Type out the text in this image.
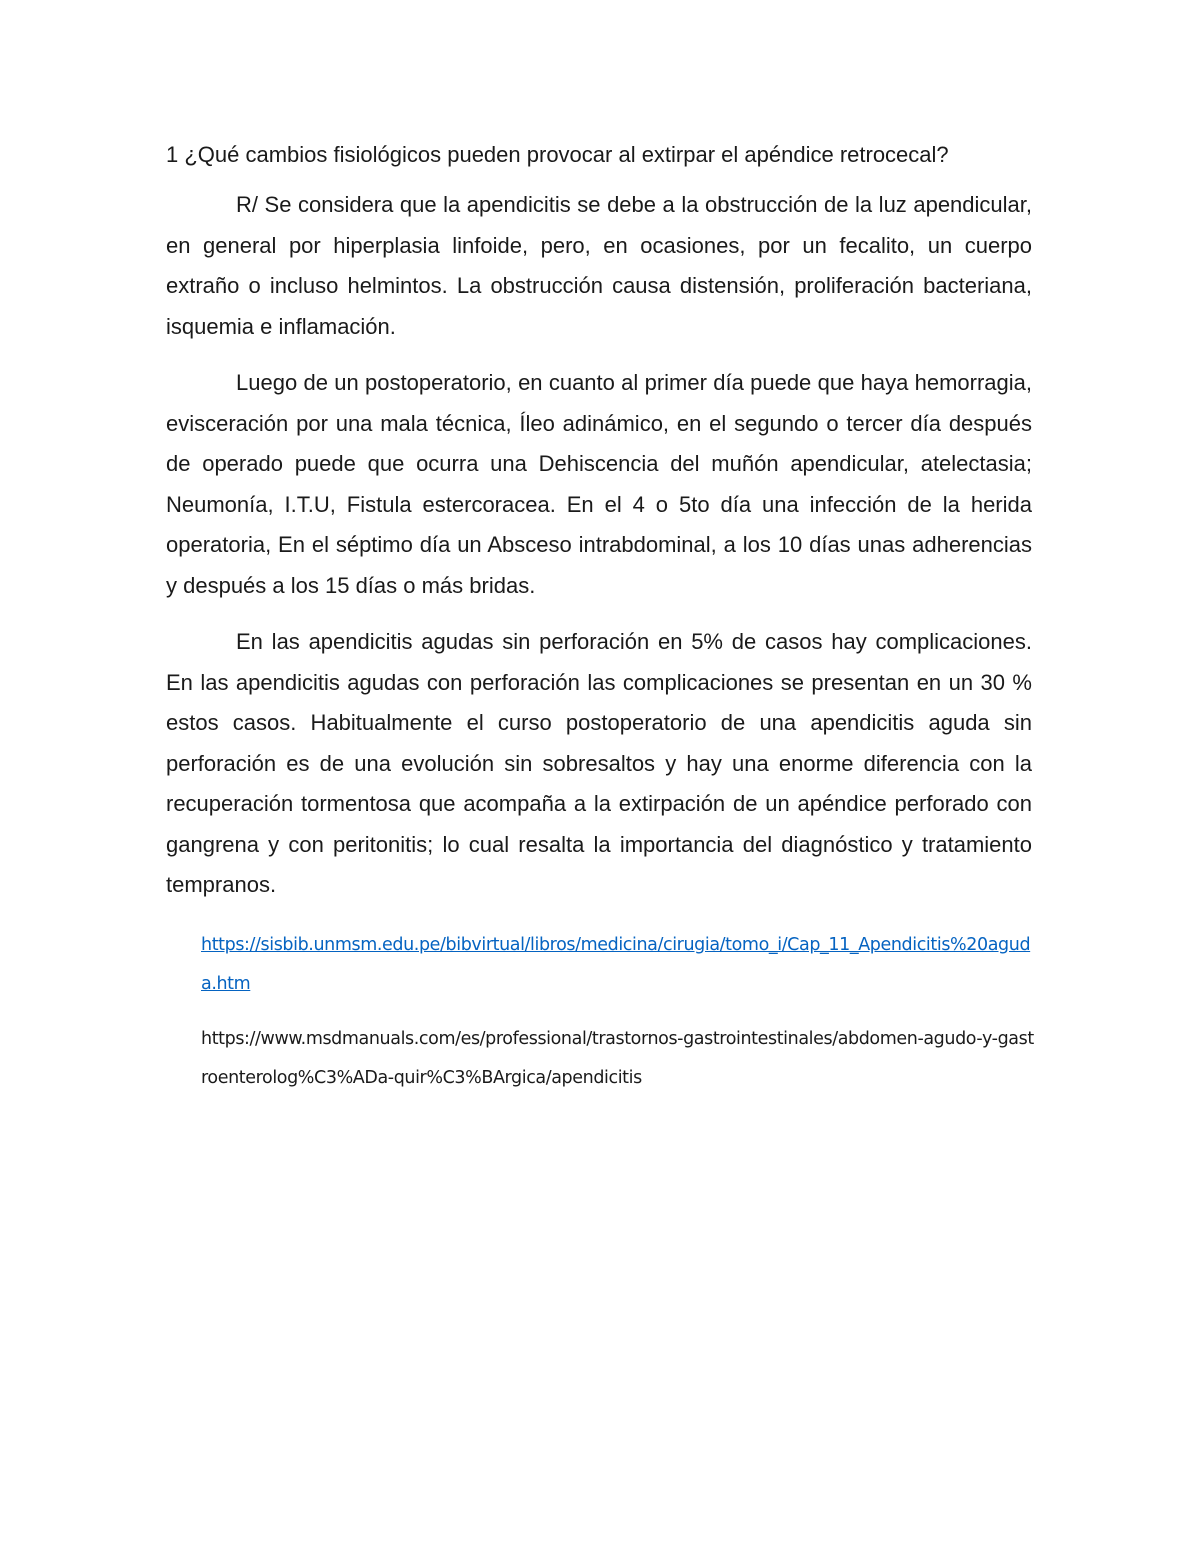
1 ¿Qué cambios fisiológicos pueden provocar al extirpar el apéndice retrocecal?

R/ Se considera que la apendicitis se debe a la obstrucción de la luz apendicular, en general por hiperplasia linfoide, pero, en ocasiones, por un fecalito, un cuerpo extraño o incluso helmintos. La obstrucción causa distensión, proliferación bacteriana, isquemia e inflamación.

Luego de un postoperatorio, en cuanto al primer día puede que haya hemorragia, evisceración por una mala técnica, Íleo adinámico, en el segundo o tercer día después de operado puede que ocurra una Dehiscencia del muñón apendicular, atelectasia; Neumonía, I.T.U, Fistula estercoracea. En el 4 o 5to día una infección de la herida operatoria, En el séptimo día un Absceso intrabdominal, a los 10 días unas adherencias y después a los 15 días o más bridas.

En las apendicitis agudas sin perforación en 5% de casos hay complicaciones. En las apendicitis agudas con perforación las complicaciones se presentan en un 30 % estos casos. Habitualmente el curso postoperatorio de una apendicitis aguda sin perforación es de una evolución sin sobresaltos y hay una enorme diferencia con la recuperación tormentosa que acompaña a la extirpación de un apéndice perforado con gangrena y con peritonitis; lo cual resalta la importancia del diagnóstico y tratamiento tempranos.

https://sisbib.unmsm.edu.pe/bibvirtual/libros/medicina/cirugia/tomo_i/Cap_11_Apendicitis%20aguda.htm

https://www.msdmanuals.com/es/professional/trastornos-gastrointestinales/abdomen-agudo-y-gastroenterolog%C3%ADa-quir%C3%BArgica/apendicitis
